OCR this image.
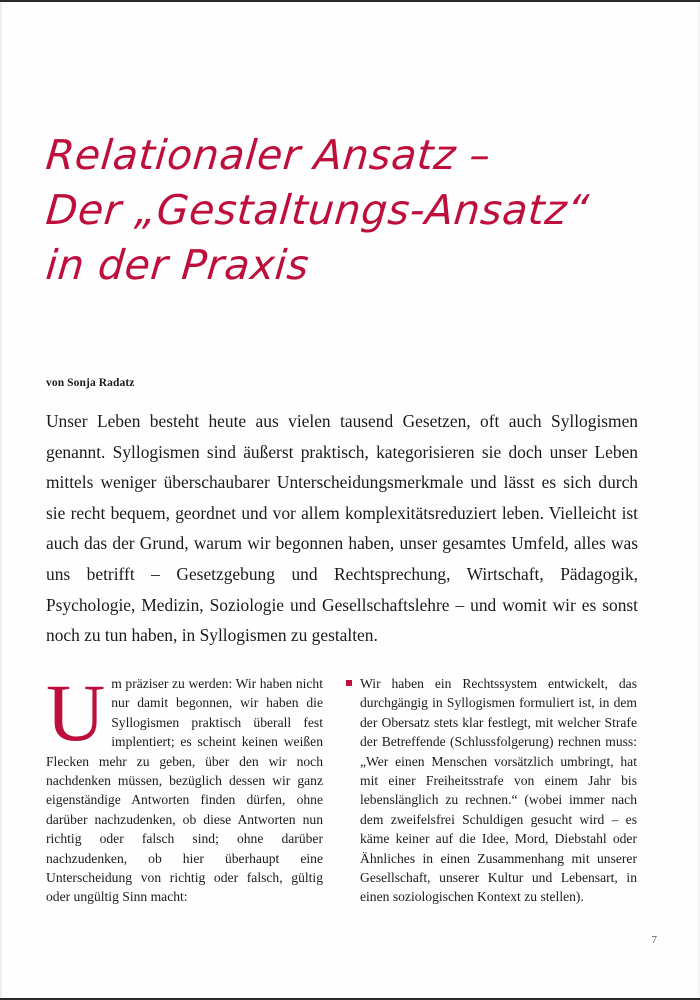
Relationaler Ansatz –
Der „Gestaltungs-Ansatz“
in der Praxis
von Sonja Radatz
Unser Leben besteht heute aus vielen tausend Gesetzen, oft auch Syllogismen genannt. Syllogismen sind äußerst praktisch, kategorisieren sie doch unser Leben mittels weniger überschaubarer Unterscheidungsmerkmale und lässt es sich durch sie recht bequem, geordnet und vor allem komplexitätsreduziert leben. Vielleicht ist auch das der Grund, warum wir begonnen haben, unser gesamtes Umfeld, alles was uns betrifft – Gesetzgebung und Rechtsprechung, Wirtschaft, Pädagogik, Psychologie, Medizin, Soziologie und Gesellschaftslehre – und womit wir es sonst noch zu tun haben, in Syllogismen zu gestalten.
Um präziser zu werden: Wir haben nicht nur damit begonnen, wir haben die Syllogismen praktisch überall fest implentiert; es scheint keinen weißen Flecken mehr zu geben, über den wir noch nachdenken müssen, bezüglich dessen wir ganz eigenständige Antworten finden dürfen, ohne darüber nachzudenken, ob diese Antworten nun richtig oder falsch sind; ohne darüber nachzudenken, ob hier überhaupt eine Unterscheidung von richtig oder falsch, gültig oder ungültig Sinn macht:
Wir haben ein Rechtssystem entwickelt, das durchgängig in Syllogismen formuliert ist, in dem der Obersatz stets klar festlegt, mit welcher Strafe der Betreffende (Schlussfolgerung) rechnen muss: „Wer einen Menschen vorsätzlich umbringt, hat mit einer Freiheitsstrafe von einem Jahr bis lebenslänglich zu rechnen.“ (wobei immer nach dem zweifelsfrei Schuldigen gesucht wird – es käme keiner auf die Idee, Mord, Diebstahl oder Ähnliches in einen Zusammenhang mit unserer Gesellschaft, unserer Kultur und Lebensart, in einen soziologischen Kontext zu stellen).
7
